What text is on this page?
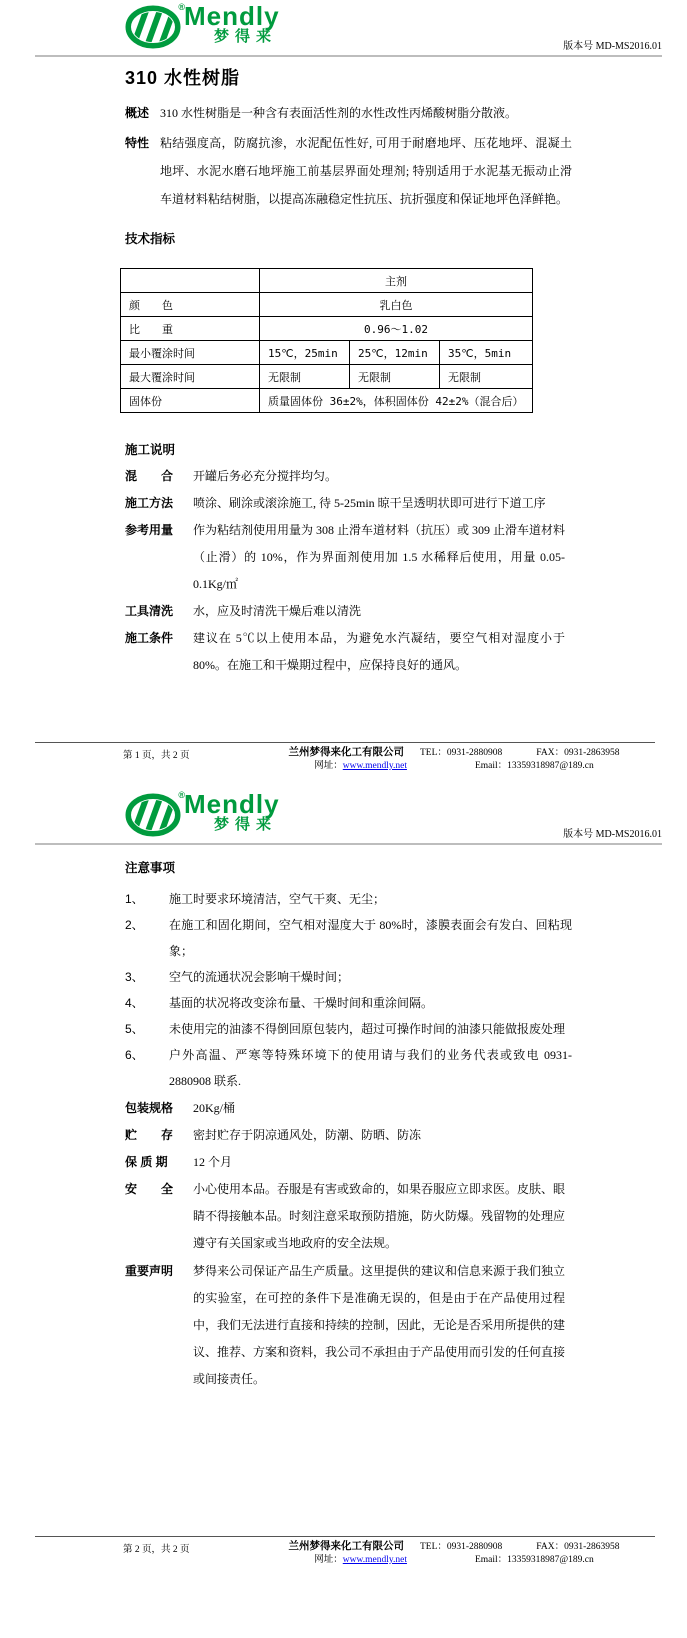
® Mendly
梦得来
版本号 MD-MS2016.01
310 水性树脂
概述 310 水性树脂是一种含有表面活性剂的水性改性丙烯酸树脂分散液。
特性 粘结强度高，防腐抗渗，水泥配伍性好, 可用于耐磨地坪、压花地坪、混凝土地坪、水泥水磨石地坪施工前基层界面处理剂; 特别适用于水泥基无振动止滑车道材料粘结树脂，以提高冻融稳定性抗压、抗折强度和保证地坪色泽鲜艳。
技术指标
	主剂		
颜　　色	乳白色		
比　　重	0.96～1.02		
最小覆涂时间	15℃，25min	25℃，12min	35℃，5min
最大覆涂时间	无限制	无限制	无限制
固体份	质量固体份 36±2%，体积固体份 42±2%（混合后）		
施工说明
混　　合	开罐后务必充分搅拌均匀。
施工方法	喷涂、刷涂或滚涂施工, 待 5-25min 晾干呈透明状即可进行下道工序
参考用量	作为粘结剂使用用量为 308 止滑车道材料（抗压）或 309 止滑车道材料（止滑）的 10%，作为界面剂使用加 1.5 水稀释后使用，用量 0.05-0.1Kg/㎡
工具清洗	水，应及时清洗干燥后难以清洗
施工条件	建议在 5℃以上使用本品，为避免水汽凝结，要空气相对湿度小于 80%。在施工和干燥期过程中，应保持良好的通风。
第 1 页，共 2 页	兰州梦得来化工有限公司 TEL：0931-2880908	FAX：0931-2863958
网址：www.mendly.net	Email：13359318987@189.cn
® Mendly
梦得来
版本号 MD-MS2016.01
注意事项
1、	施工时要求环境清洁，空气干爽、无尘；
2、	在施工和固化期间，空气相对湿度大于 80%时，漆膜表面会有发白、回粘现象；
3、	空气的流通状况会影响干燥时间；
4、	基面的状况将改变涂布量、干燥时间和重涂间隔。
5、	未使用完的油漆不得倒回原包装内，超过可操作时间的油漆只能做报废处理
6、	户外高温、严寒等特殊环境下的使用请与我们的业务代表或致电 0931-2880908 联系.
包装规格	20Kg/桶
贮　　存	密封贮存于阴凉通风处，防潮、防晒、防冻
保 质 期	12 个月
安　　全	小心使用本品。吞服是有害或致命的，如果吞服应立即求医。皮肤、眼睛不得接触本品。时刻注意采取预防措施，防火防爆。残留物的处理应遵守有关国家或当地政府的安全法规。
重要声明	梦得来公司保证产品生产质量。这里提供的建议和信息来源于我们独立的实验室，在可控的条件下是准确无误的，但是由于在产品使用过程中，我们无法进行直接和持续的控制，因此，无论是否采用所提供的建议、推荐、方案和资料，我公司不承担由于产品使用而引发的任何直接或间接责任。
第 2 页，共 2 页	兰州梦得来化工有限公司 TEL：0931-2880908	FAX：0931-2863958
网址：www.mendly.net	Email：13359318987@189.cn
